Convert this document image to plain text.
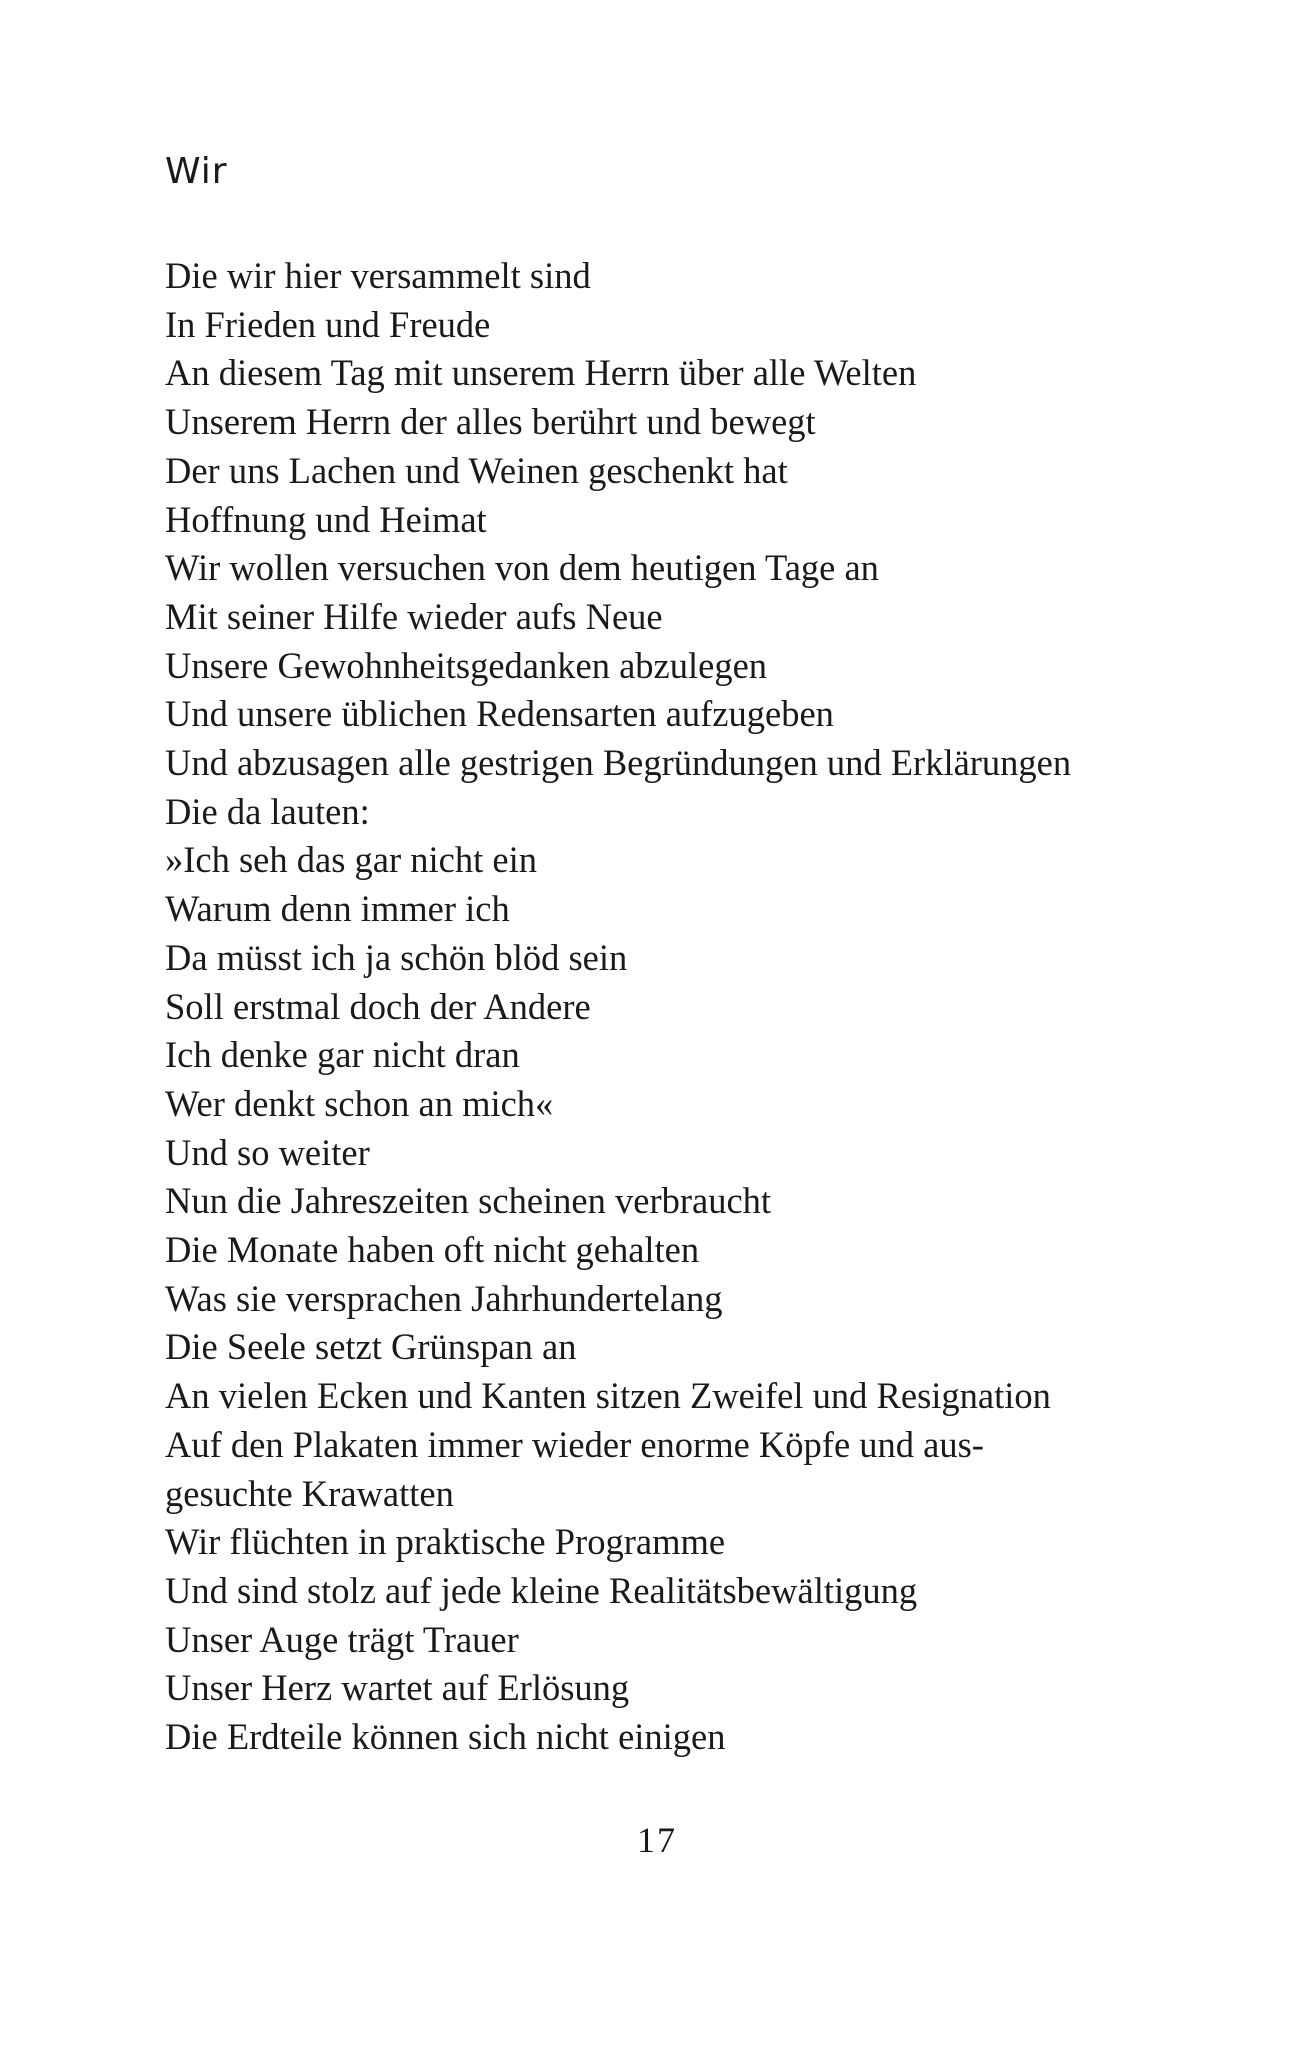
Wir
Die wir hier versammelt sind
In Frieden und Freude
An diesem Tag mit unserem Herrn über alle Welten
Unserem Herrn der alles berührt und bewegt
Der uns Lachen und Weinen geschenkt hat
Hoffnung und Heimat
Wir wollen versuchen von dem heutigen Tage an
Mit seiner Hilfe wieder aufs Neue
Unsere Gewohnheitsgedanken abzulegen
Und unsere üblichen Redensarten aufzugeben
Und abzusagen alle gestrigen Begründungen und Erklärungen
Die da lauten:
»Ich seh das gar nicht ein
Warum denn immer ich
Da müsst ich ja schön blöd sein
Soll erstmal doch der Andere
Ich denke gar nicht dran
Wer denkt schon an mich«
Und so weiter
Nun die Jahreszeiten scheinen verbraucht
Die Monate haben oft nicht gehalten
Was sie versprachen Jahrhundertelang
Die Seele setzt Grünspan an
An vielen Ecken und Kanten sitzen Zweifel und Resignation
Auf den Plakaten immer wieder enorme Köpfe und aus-
gesuchte Krawatten
Wir flüchten in praktische Programme
Und sind stolz auf jede kleine Realitätsbewältigung
Unser Auge trägt Trauer
Unser Herz wartet auf Erlösung
Die Erdteile können sich nicht einigen
17
